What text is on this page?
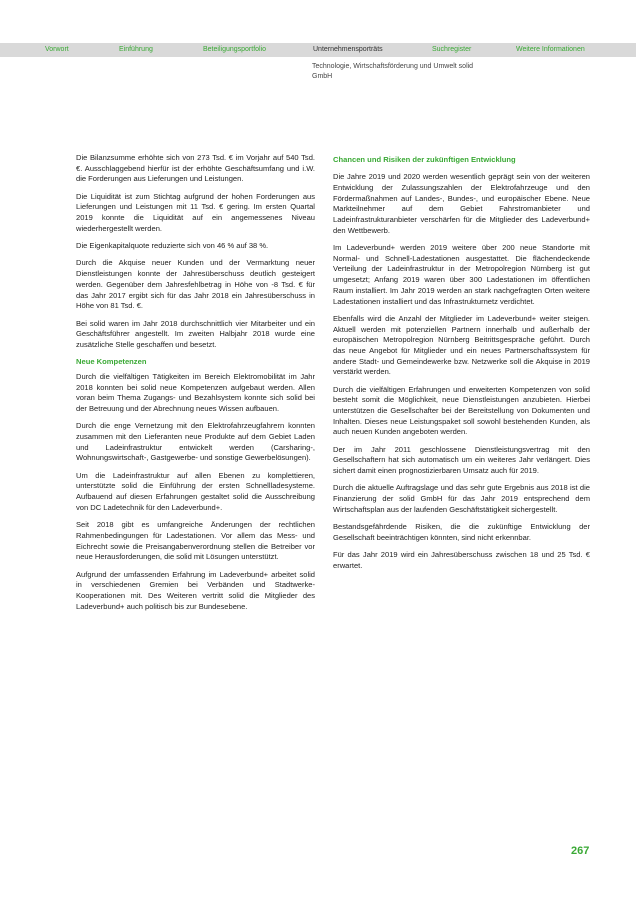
Vorwort	Einführung	Beteiligungsportfolio	Unternehmensporträts	Suchregister	Weitere Informationen
Technologie, Wirtschaftsförderung und Umwelt solid GmbH

Die Bilanzsumme erhöhte sich von 273 Tsd. € im Vorjahr auf 540 Tsd. €. Ausschlaggebend hierfür ist der erhöhte Geschäftsumfang und i.W. die Forderungen aus Lieferungen und Leistungen.

Die Liquidität ist zum Stichtag aufgrund der hohen Forderungen aus Lieferungen und Leistungen mit 11 Tsd. € gering. Im ersten Quartal 2019 konnte die Liquidität auf ein angemessenes Niveau wiederhergestellt werden.

Die Eigenkapitalquote reduzierte sich von 46 % auf 38 %.

Durch die Akquise neuer Kunden und der Vermarktung neuer Dienstleistungen konnte der Jahresüberschuss deutlich gesteigert werden. Gegenüber dem Jahresfehlbetrag in Höhe von -8 Tsd. € für das Jahr 2017 ergibt sich für das Jahr 2018 ein Jahresüberschuss in Höhe von 81 Tsd. €.

Bei solid waren im Jahr 2018 durchschnittlich vier Mitarbeiter und ein Geschäftsführer angestellt. Im zweiten Halbjahr 2018 wurde eine zusätzliche Stelle geschaffen und besetzt.

Neue Kompetenzen

Durch die vielfältigen Tätigkeiten im Bereich Elektromobilität im Jahr 2018 konnten bei solid neue Kompetenzen aufgebaut werden. Allen voran beim Thema Zugangs- und Bezahlsystem konnte sich solid bei der Betreuung und der Abrechnung neues Wissen aufbauen.

Durch die enge Vernetzung mit den Elektrofahrzeugfahrern konnten zusammen mit den Lieferanten neue Produkte auf dem Gebiet Laden und Ladeinfrastruktur entwickelt werden (Carsharing-, Wohnungswirtschaft-, Gastgewerbe- und sonstige Gewerbelösungen).

Um die Ladeinfrastruktur auf allen Ebenen zu komplettieren, unterstützte solid die Einführung der ersten Schnellladesysteme. Aufbauend auf diesen Erfahrungen gestaltet solid die Ausschreibung von DC Ladetechnik für den Ladeverbund+.

Seit 2018 gibt es umfangreiche Änderungen der rechtlichen Rahmenbedingungen für Ladestationen. Vor allem das Mess- und Eichrecht sowie die Preisangabenverordnung stellen die Betreiber vor neue Herausforderungen, die solid mit Lösungen unterstützt.

Aufgrund der umfassenden Erfahrung im Ladeverbund+ arbeitet solid in verschiedenen Gremien bei Verbänden und Stadtwerke-Kooperationen mit. Des Weiteren vertritt solid die Mitglieder des Ladeverbund+ auch politisch bis zur Bundesebene.

Chancen und Risiken der zukünftigen Entwicklung

Die Jahre 2019 und 2020 werden wesentlich geprägt sein von der weiteren Entwicklung der Zulassungszahlen der Elektrofahrzeuge und den Fördermaßnahmen auf Landes-, Bundes-, und europäischer Ebene. Neue Markteilnehmer auf dem Gebiet Fahrstromanbieter und Ladeinfrastrukturanbieter verschärfen für die Mitglieder des Ladeverbund+ den Wettbewerb.

Im Ladeverbund+ werden 2019 weitere über 200 neue Standorte mit Normal- und Schnell-Ladestationen ausgestattet. Die flächendeckende Verteilung der Ladeinfrastruktur in der Metropolregion Nürnberg ist gut umgesetzt; Anfang 2019 waren über 300 Ladestationen im öffentlichen Raum installiert. Im Jahr 2019 werden an stark nachgefragten Orten weitere Ladestationen installiert und das Infrastrukturnetz verdichtet.

Ebenfalls wird die Anzahl der Mitglieder im Ladeverbund+ weiter steigen. Aktuell werden mit potenziellen Partnern innerhalb und außerhalb der europäischen Metropolregion Nürnberg Beitrittsgespräche geführt. Durch das neue Angebot für Mitglieder und ein neues Partnerschaftssystem für andere Stadt- und Gemeindewerke bzw. Netzwerke soll die Akquise in 2019 verstärkt werden.

Durch die vielfältigen Erfahrungen und erweiterten Kompetenzen von solid besteht somit die Möglichkeit, neue Dienstleistungen anzubieten. Hierbei unterstützen die Gesellschafter bei der Bereitstellung von Dokumenten und Inhalten. Dieses neue Leistungspaket soll sowohl bestehenden Kunden, als auch neuen Kunden angeboten werden.

Der im Jahr 2011 geschlossene Dienstleistungsvertrag mit den Gesellschaftern hat sich automatisch um ein weiteres Jahr verlängert. Dies sichert damit einen prognostizierbaren Umsatz auch für 2019.

Durch die aktuelle Auftragslage und das sehr gute Ergebnis aus 2018 ist die Finanzierung der solid GmbH für das Jahr 2019 entsprechend dem Wirtschaftsplan aus der laufenden Geschäftstätigkeit sichergestellt.

Bestandsgefährdende Risiken, die die zukünftige Entwicklung der Gesellschaft beeinträchtigen könnten, sind nicht erkennbar.

Für das Jahr 2019 wird ein Jahresüberschuss zwischen 18 und 25 Tsd. € erwartet.

267
